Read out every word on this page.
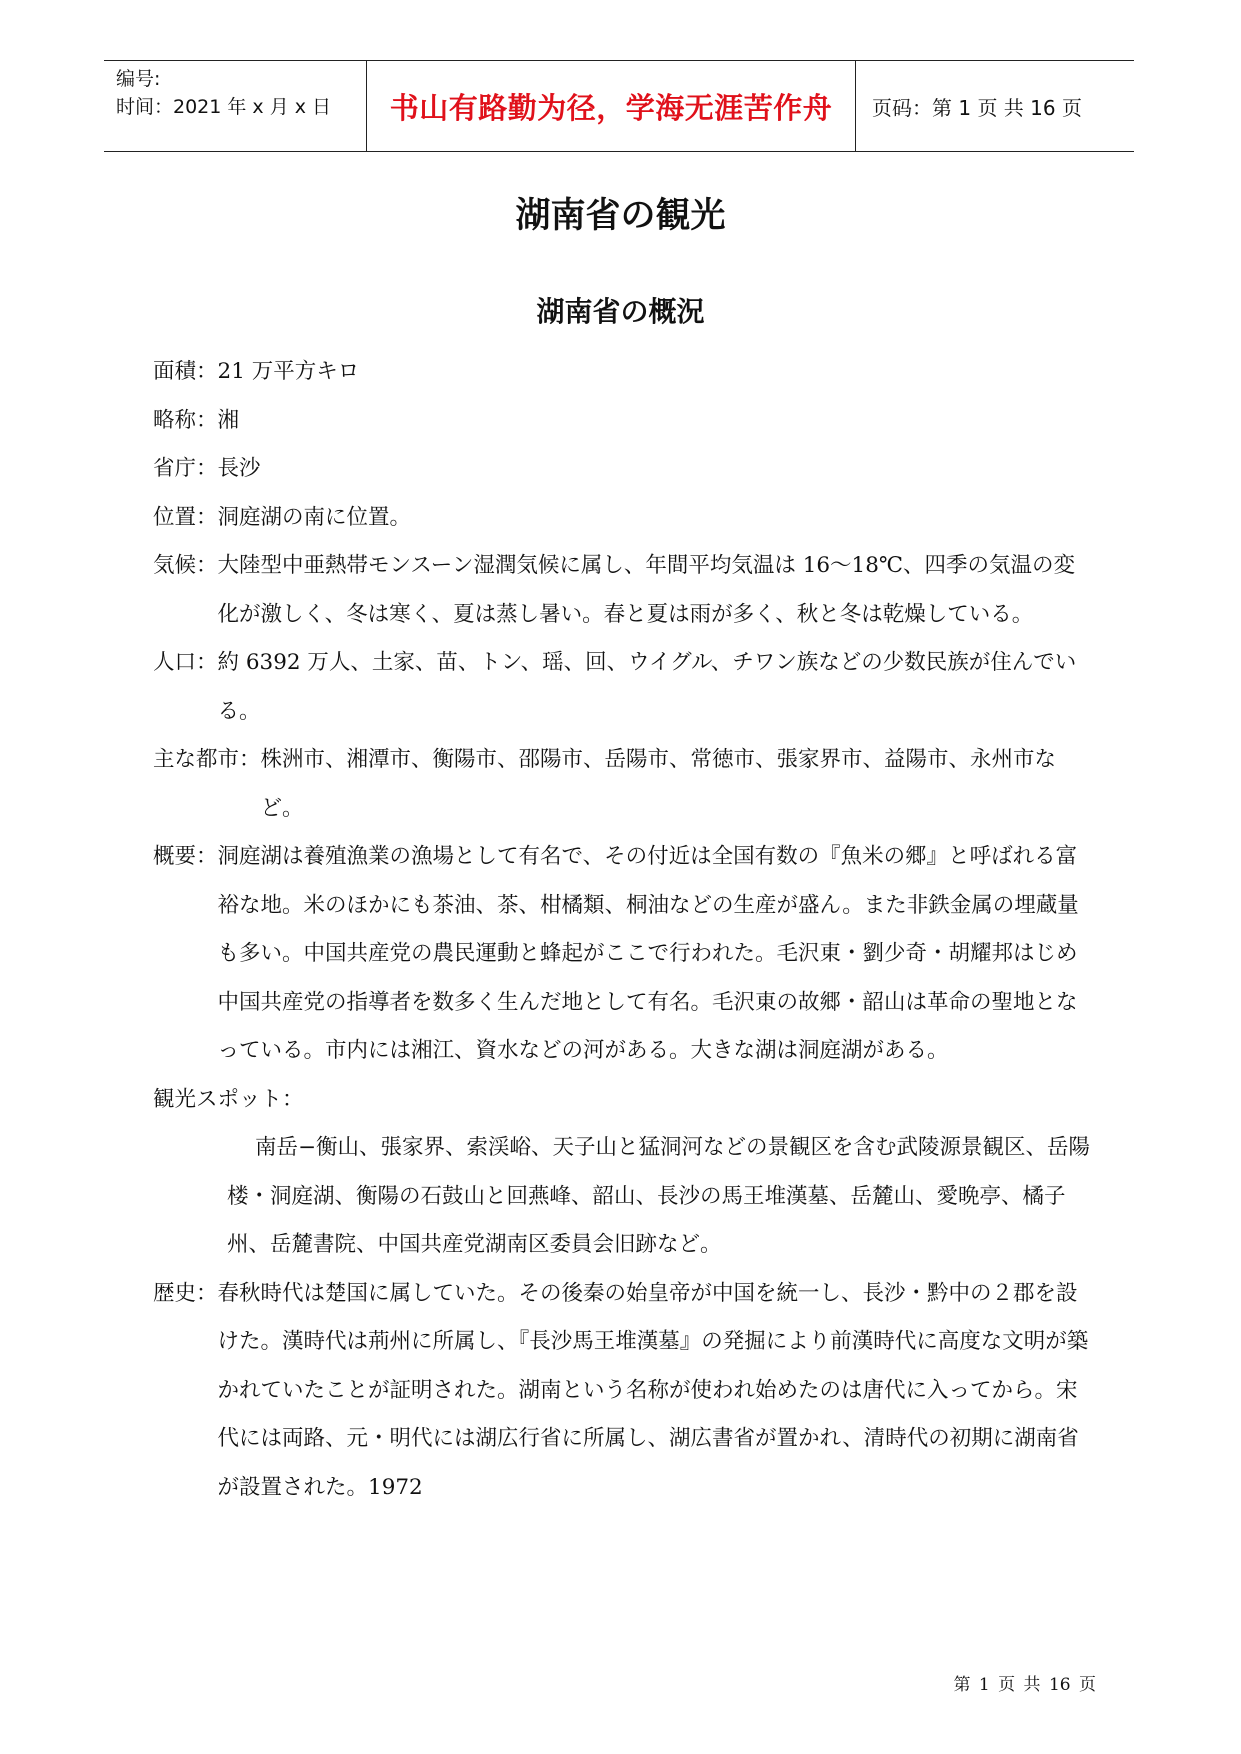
编号:
时间：2021 年 x 月 x 日	书山有路勤为径，学海无涯苦作舟	页码：第 1 页 共 16 页
湖南省の観光
湖南省の概況
面積： 21 万平方キロ
略称： 湘
省庁： 長沙
位置： 洞庭湖の南に位置。
気候： 大陸型中亜熱帯モンスーン湿潤気候に属し、年間平均気温は 16～18℃、四季の気温の変化が激しく、冬は寒く、夏は蒸し暑い。春と夏は雨が多く、秋と冬は乾燥している。
人口： 約 6392 万人、土家、苗、トン、瑶、回、ウイグル、チワン族などの少数民族が住んでいる。
主な都市： 株洲市、湘潭市、衡陽市、邵陽市、岳陽市、常徳市、張家界市、益陽市、永州市など。
概要： 洞庭湖は養殖漁業の漁場として有名で、その付近は全国有数の『魚米の郷』と呼ばれる富裕な地。米のほかにも茶油、茶、柑橘類、桐油などの生産が盛ん。また非鉄金属の埋蔵量も多い。中国共産党の農民運動と蜂起がここで行われた。毛沢東・劉少奇・胡耀邦はじめ中国共産党の指導者を数多く生んだ地として有名。毛沢東の故郷・韶山は革命の聖地となっている。市内には湘江、資水などの河がある。大きな湖は洞庭湖がある。
観光スポット：
南岳−衡山、張家界、索渓峪、天子山と猛洞河などの景観区を含む武陵源景観区、岳陽楼・洞庭湖、衡陽の石鼓山と回燕峰、韶山、長沙の馬王堆漢墓、岳麓山、愛晩亭、橘子州、岳麓書院、中国共産党湖南区委員会旧跡など。
歴史： 春秋時代は楚国に属していた。その後秦の始皇帝が中国を統一し、長沙・黔中の２郡を設けた。漢時代は荊州に所属し、『長沙馬王堆漢墓』の発掘により前漢時代に高度な文明が築かれていたことが証明された。湖南という名称が使われ始めたのは唐代に入ってから。宋代には両路、元・明代には湖広行省に所属し、湖広書省が置かれ、清時代の初期に湖南省が設置された。1972
第 1 页 共 16 页
